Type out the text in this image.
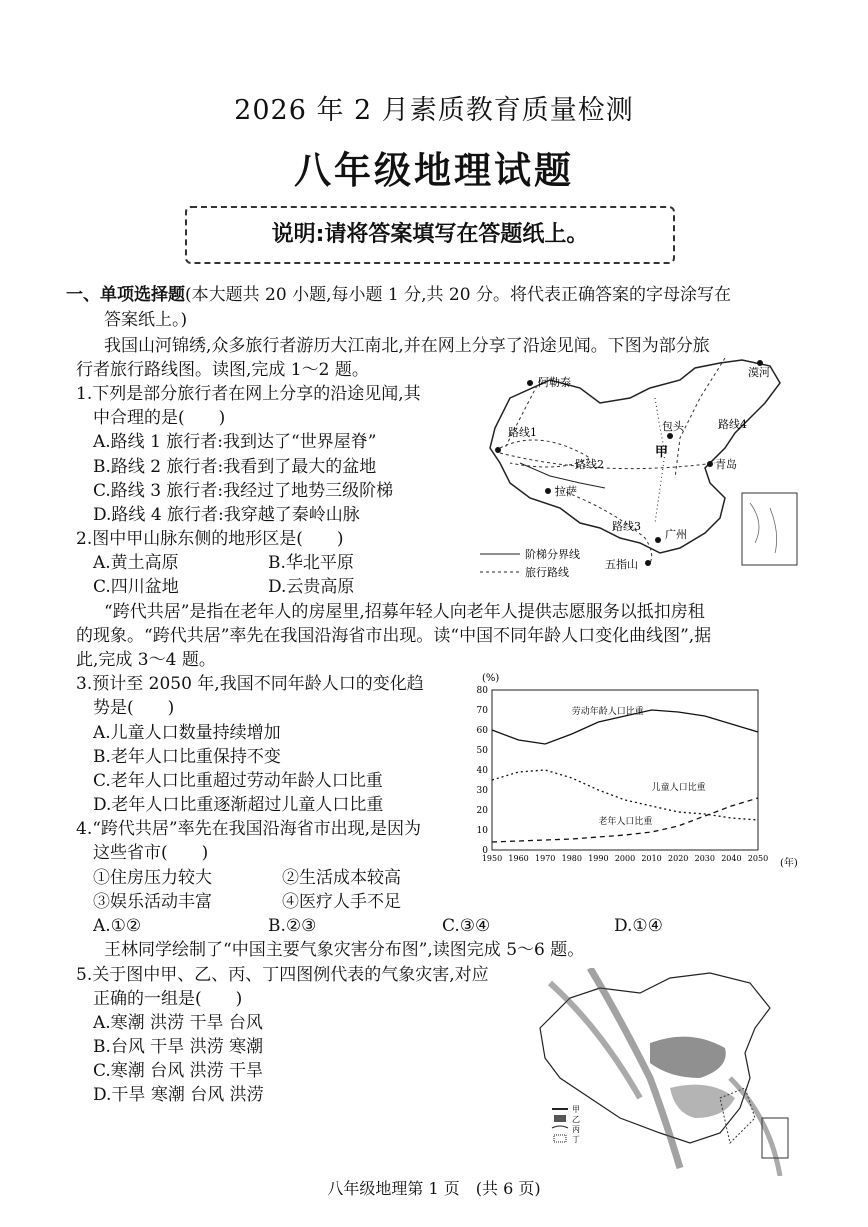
2026 年 2 月素质教育质量检测
八年级地理试题
说明:请将答案填写在答题纸上。
一、单项选择题(本大题共 20 小题,每小题 1 分,共 20 分。将代表正确答案的字母涂写在
答案纸上。)
我国山河锦绣,众多旅行者游历大江南北,并在网上分享了沿途见闻。下图为部分旅
行者旅行路线图。读图,完成 1～2 题。
1.下列是部分旅行者在网上分享的沿途见闻,其
中合理的是(　　)
A.路线 1 旅行者:我到达了“世界屋脊”
B.路线 2 旅行者:我看到了最大的盆地
C.路线 3 旅行者:我经过了地势三级阶梯
D.路线 4 旅行者:我穿越了秦岭山脉
2.图中甲山脉东侧的地形区是(　　)
A.黄土高原	B.华北平原
C.四川盆地	D.云贵高原
阿勒泰
漠河
路线4
路线1	包头
甲
路线2	青岛
拉萨
路线3
广州
五指山
阶梯分界线
旅行路线
“跨代共居”是指在老年人的房屋里,招募年轻人向老年人提供志愿服务以抵扣房租
的现象。“跨代共居”率先在我国沿海省市出现。读“中国不同年龄人口变化曲线图”,据
此,完成 3～4 题。
3.预计至 2050 年,我国不同年龄人口的变化趋
势是(　　)
A.儿童人口数量持续增加
B.老年人口比重保持不变
C.老年人口比重超过劳动年龄人口比重
D.老年人口比重逐渐超过儿童人口比重
(%)
(年)
0
10
20
30
40
50
60
70
80
1950 1960 1970 1980 1990 2000 2010 2020 2030 2040 2050
劳动年龄人口比重
儿童人口比重
老年人口比重
4.“跨代共居”率先在我国沿海省市出现,是因为
这些省市(　　)
①住房压力较大	②生活成本较高
③娱乐活动丰富	④医疗人手不足
A.①②	B.②③	C.③④	D.①④
王林同学绘制了“中国主要气象灾害分布图”,读图完成 5～6 题。
5.关于图中甲、乙、丙、丁四图例代表的气象灾害,对应
正确的一组是(　　)
A.寒潮 洪涝 干旱 台风
B.台风 干旱 洪涝 寒潮
C.寒潮 台风 洪涝 干旱
D.干旱 寒潮 台风 洪涝
甲
乙
丙
丁
八年级地理第 1 页　(共 6 页)
